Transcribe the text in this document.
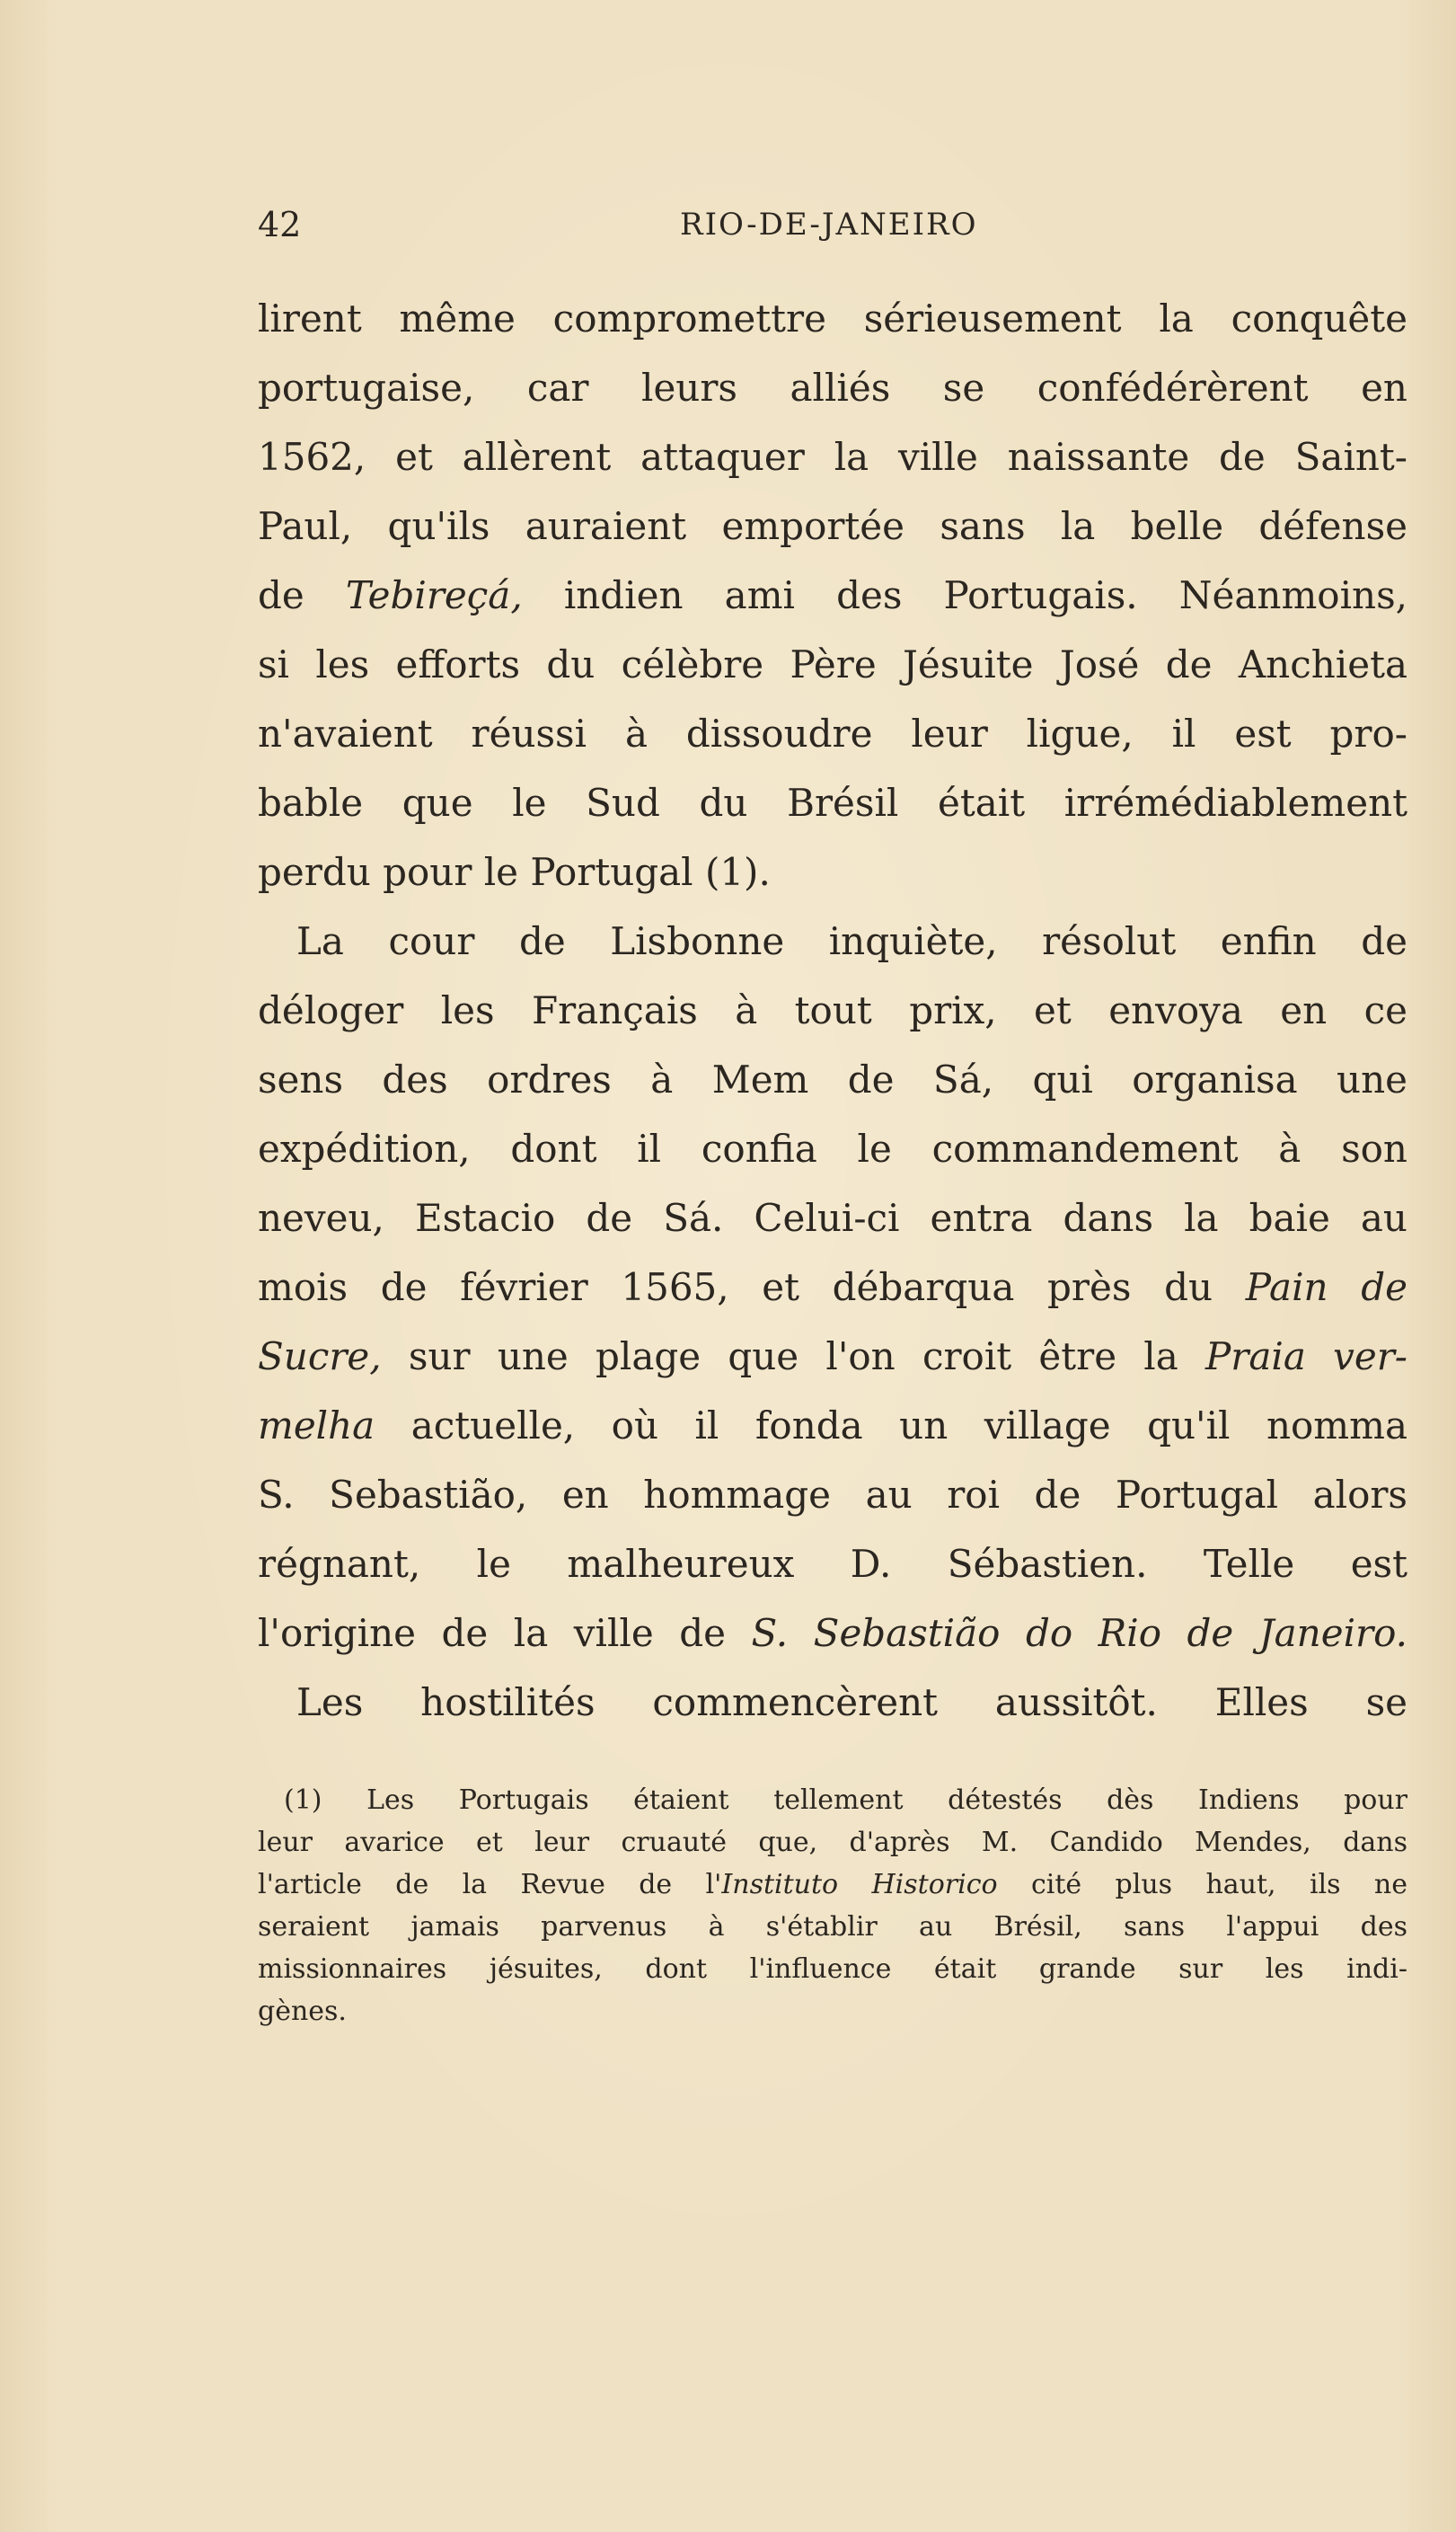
42	RIO-DE-JANEIRO
lirent même compromettre sérieusement la conquête
portugaise, car leurs alliés se confédérèrent en
1562, et allèrent attaquer la ville naissante de Saint-
Paul, qu'ils auraient emportée sans la belle défense
de Tebireçá, indien ami des Portugais. Néanmoins,
si les efforts du célèbre Père Jésuite José de Anchieta
n'avaient réussi à dissoudre leur ligue, il est pro-
bable que le Sud du Brésil était irrémédiablement
perdu pour le Portugal (1).
La cour de Lisbonne inquiète, résolut enfin de
déloger les Français à tout prix, et envoya en ce
sens des ordres à Mem de Sá, qui organisa une
expédition, dont il confia le commandement à son
neveu, Estacio de Sá. Celui-ci entra dans la baie au
mois de février 1565, et débarqua près du Pain de
Sucre, sur une plage que l'on croit être la Praia ver-
melha actuelle, où il fonda un village qu'il nomma
S. Sebastião, en hommage au roi de Portugal alors
régnant, le malheureux D. Sébastien. Telle est
l'origine de la ville de S. Sebastião do Rio de Janeiro.
Les hostilités commencèrent aussitôt. Elles se
(1) Les Portugais étaient tellement détestés dès Indiens pour
leur avarice et leur cruauté que, d'après M. Candido Mendes, dans
l'article de la Revue de l'Instituto Historico cité plus haut, ils ne
seraient jamais parvenus à s'établir au Brésil, sans l'appui des
missionnaires jésuites, dont l'influence était grande sur les indi-
gènes.
